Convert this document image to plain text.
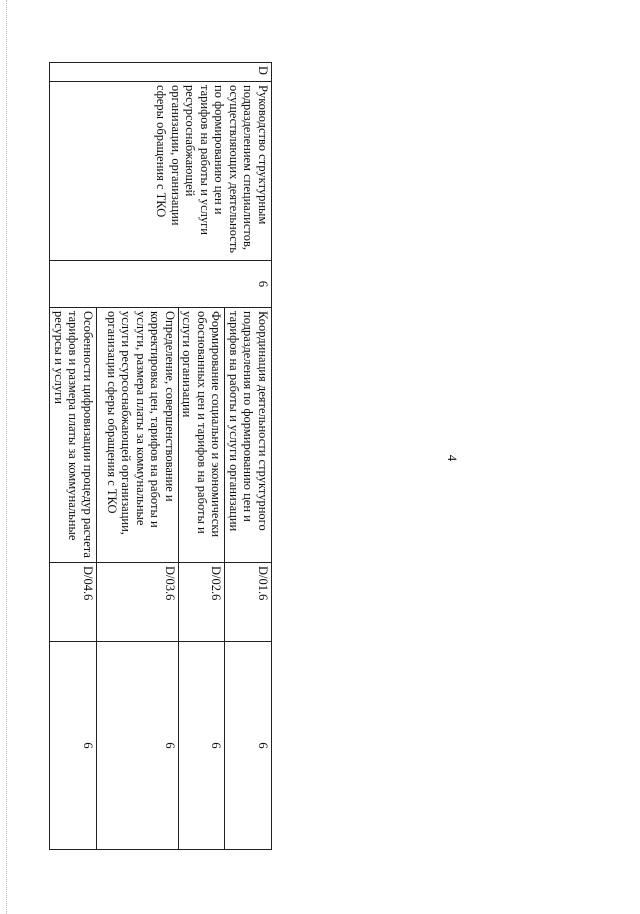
4
D	Руководство структурным подразделением специалистов, осуществляющих деятельность по формированию цен и тарифов на работы и услуги ресурсоснабжающей организации, организации сферы обращения с ТКО	6	Координация деятельности структурного подразделения по формированию цен и тарифов на работы и услуги организации	D/01.6	6
			Формирование социально и экономически обоснованных цен и тарифов на работы и услуги организации	D/02.6	6
			Определение, совершенствование и корректировка цен, тарифов на работы и услуги, размера платы за коммунальные услуги ресурсоснабжающей организации, организации сферы обращения с ТКО	D/03.6	6
			Особенности цифровизации процедур расчета тарифов и размера платы за коммунальные ресурсы и услуги	D/04.6	6
